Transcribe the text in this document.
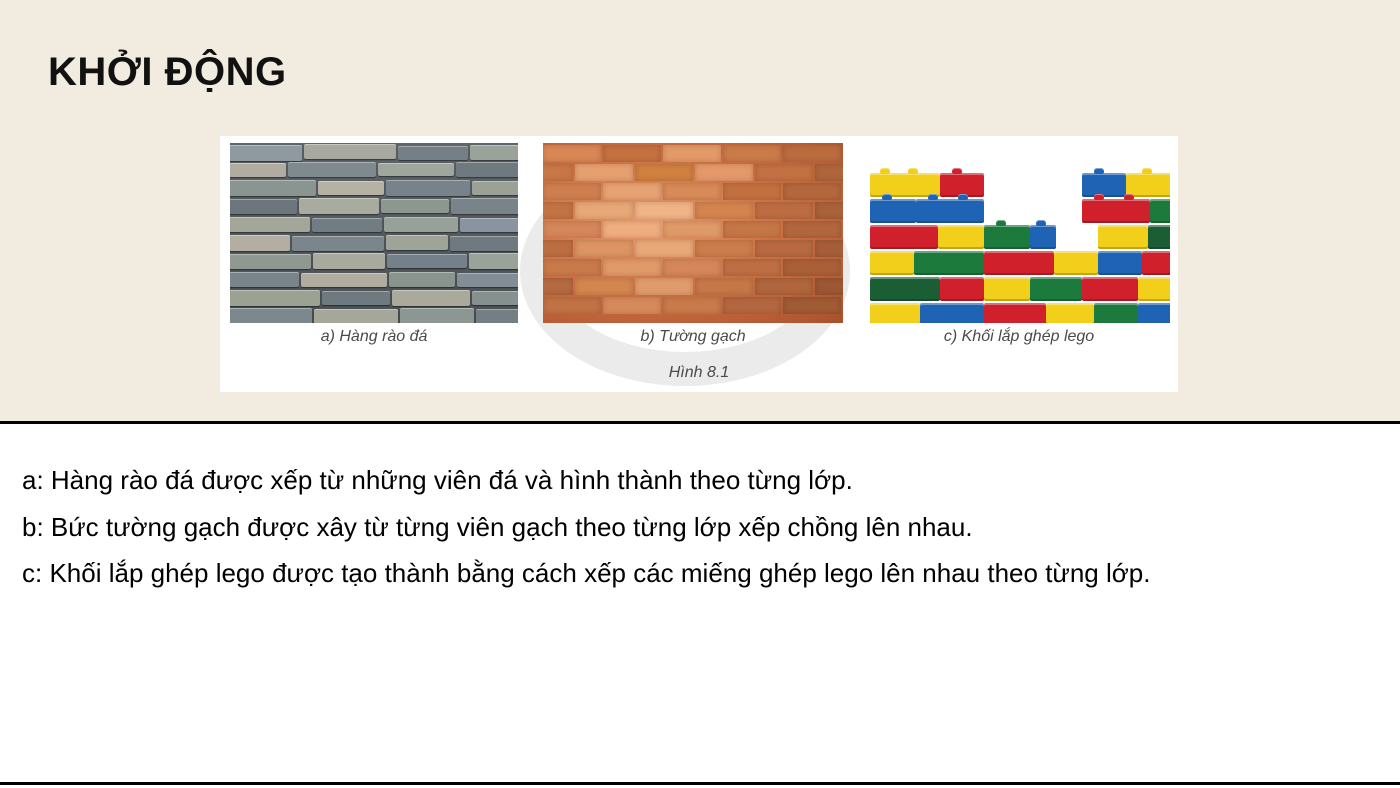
KHỞI ĐỘNG
a) Hàng rào đá	b) Tường gạch	c) Khối lắp ghép lego
Hình 8.1

a: Hàng rào đá được xếp từ những viên đá và hình thành theo từng lớp.

b: Bức tường gạch được xây từ từng viên gạch theo từng lớp xếp chồng lên nhau.

c: Khối lắp ghép lego được tạo thành bằng cách xếp các miếng ghép lego lên nhau theo từng lớp.
